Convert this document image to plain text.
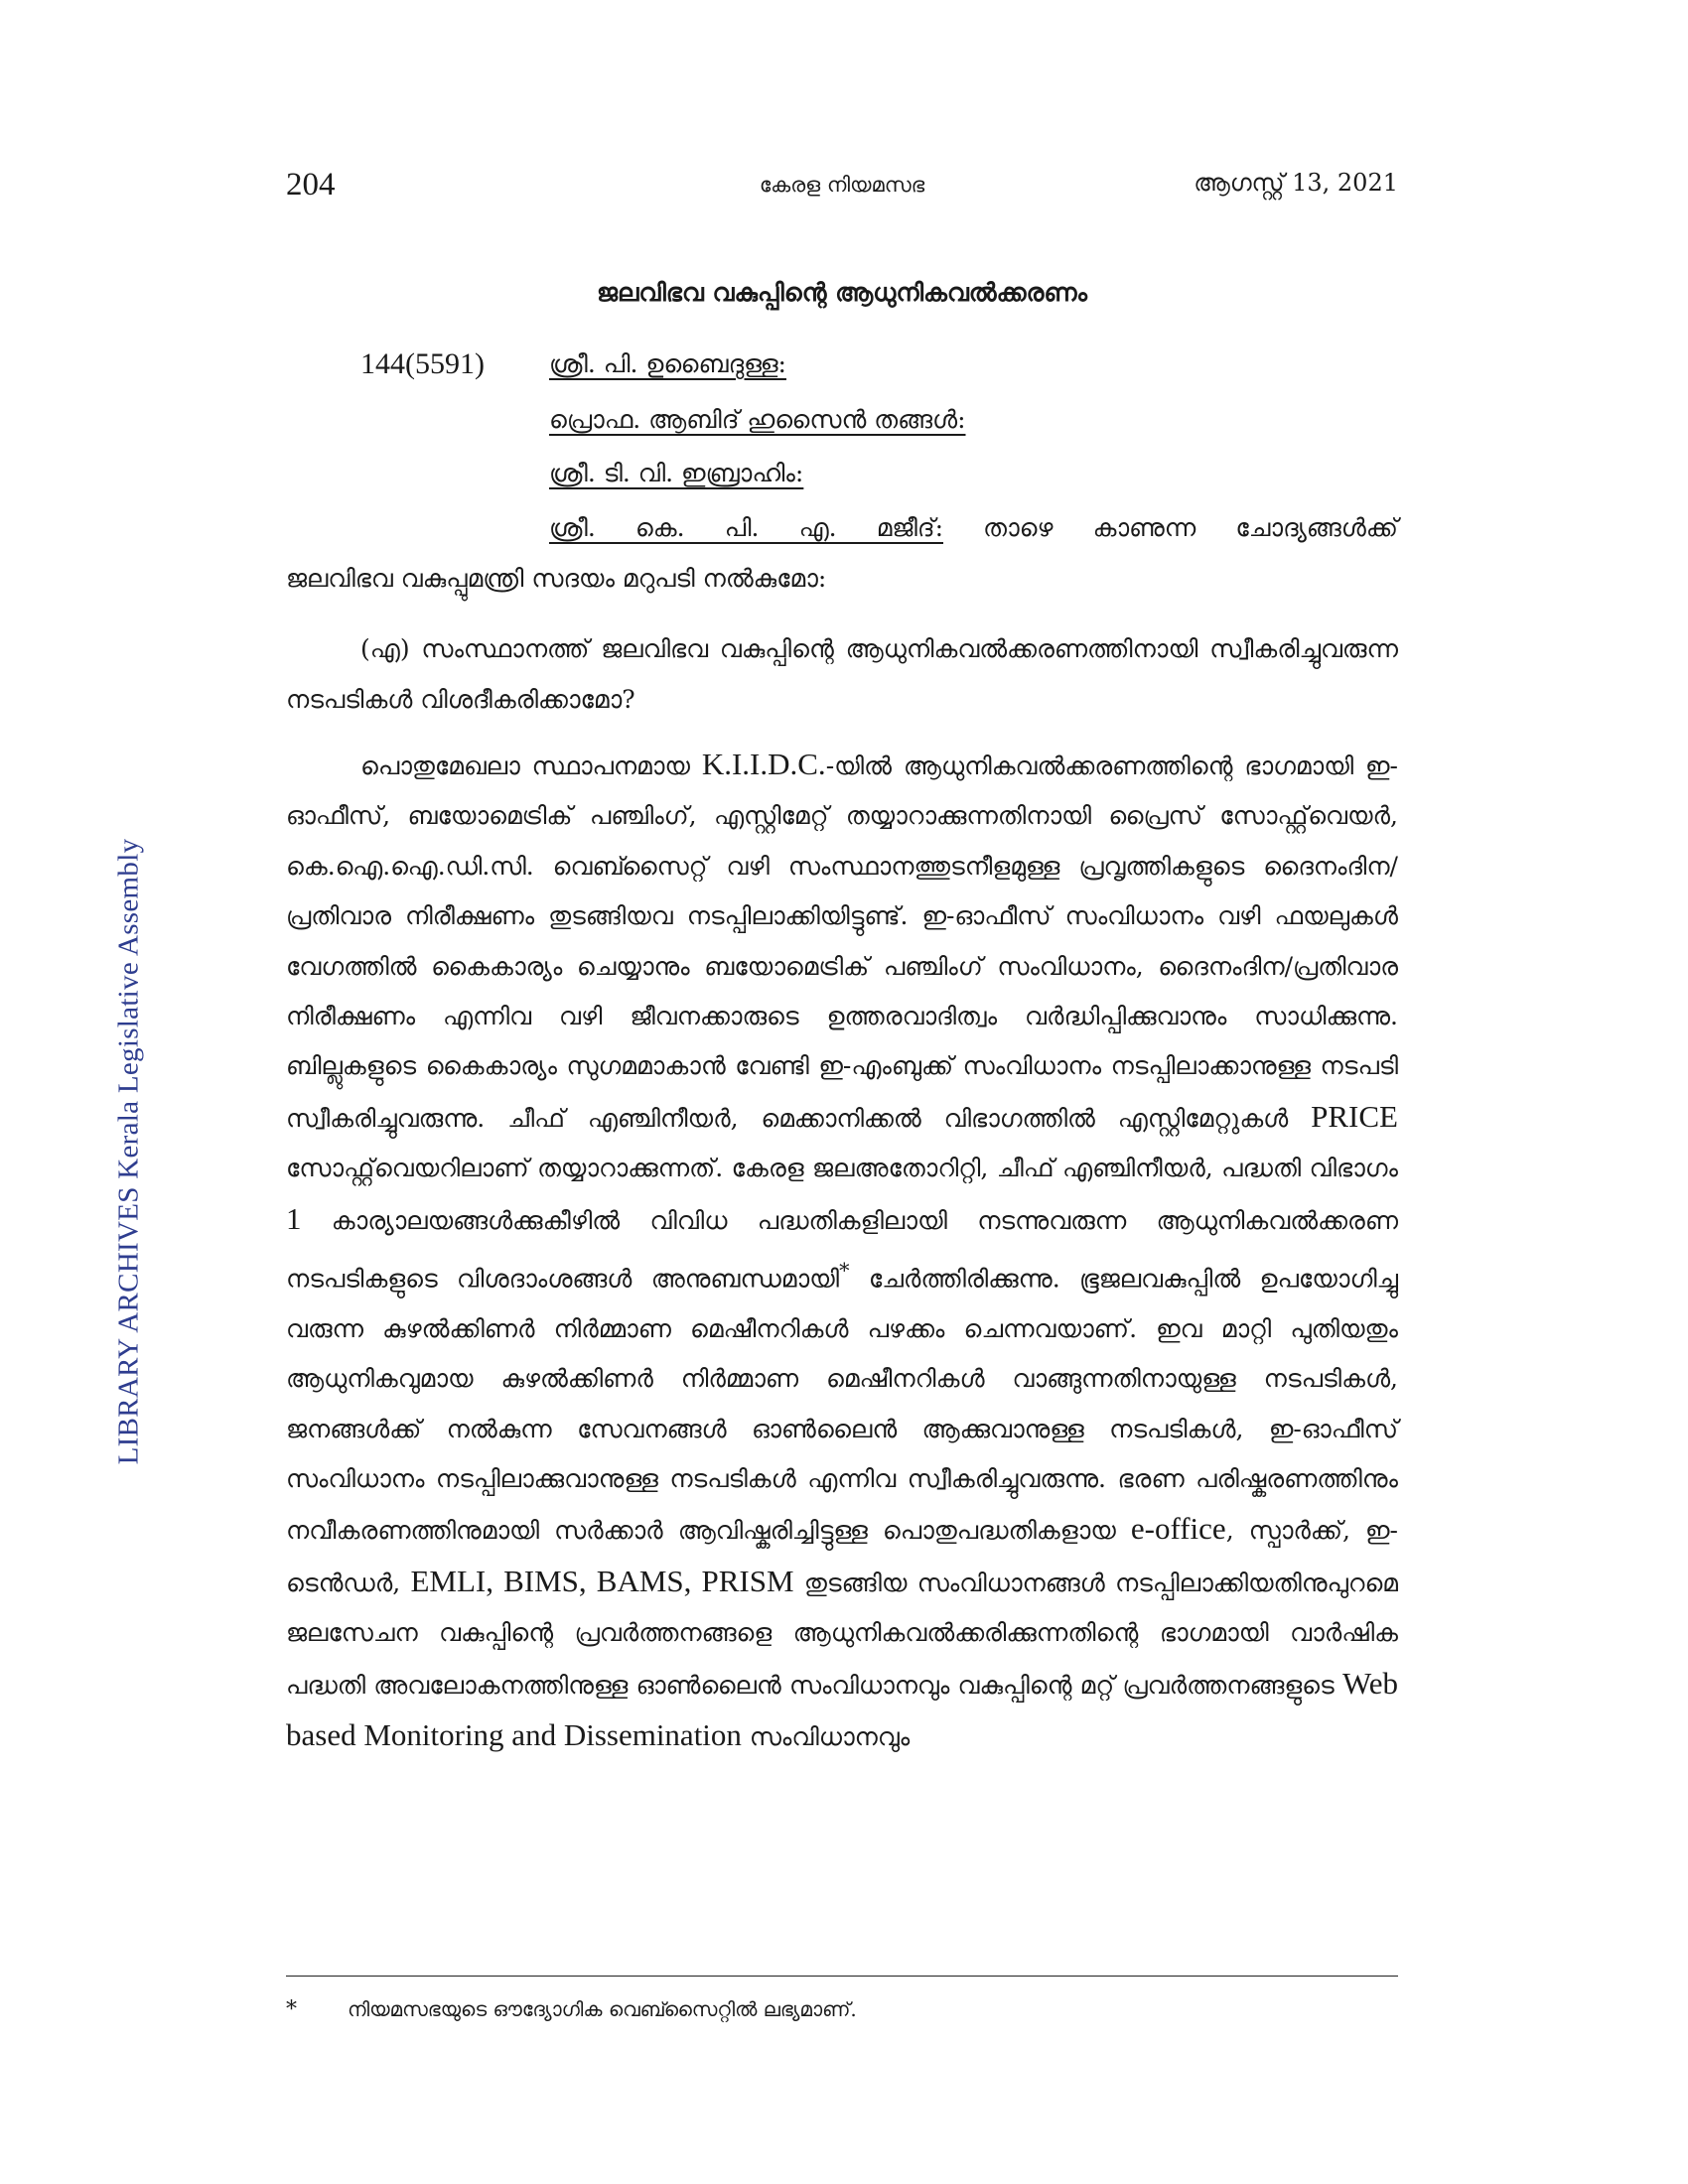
LIBRARY ARCHIVES Kerala Legislative Assembly
204	കേരള നിയമസഭ	ആഗസ്റ്റ് 13, 2021
ജലവിഭവ വകുപ്പിന്റെ ആധുനികവൽക്കരണം
144(5591)	ശ്രീ. പി. ഉബൈദുള്ള:
പ്രൊഫ. ആബിദ് ഹുസൈൻ തങ്ങൾ:
ശ്രീ. ടി. വി. ഇബ്രാഹിം:
ശ്രീ. കെ. പി. എ. മജീദ്: താഴെ കാണുന്ന ചോദ്യങ്ങൾക്ക്
ജലവിഭവ വകുപ്പുമന്ത്രി സദയം മറുപടി നൽകുമോ:
(എ) സംസ്ഥാനത്ത് ജലവിഭവ വകുപ്പിന്റെ ആധുനികവൽക്കരണത്തിനായി സ്വീകരിച്ചുവരുന്ന നടപടികൾ വിശദീകരിക്കാമോ?
പൊതുമേഖലാ സ്ഥാപനമായ K.I.I.D.C.-യിൽ ആധുനികവൽക്കരണത്തിന്റെ ഭാഗമായി ഇ-ഓഫീസ്, ബയോമെട്രിക് പഞ്ചിംഗ്, എസ്റ്റിമേറ്റ് തയ്യാറാക്കുന്നതിനായി പ്രൈസ് സോഫ്റ്റ്‌വെയർ, കെ.ഐ.ഐ.ഡി.സി. വെബ്സൈറ്റ് വഴി സംസ്ഥാനത്തുടനീളമുള്ള പ്രവൃത്തികളുടെ ദൈനംദിന/പ്രതിവാര നിരീക്ഷണം തുടങ്ങിയവ നടപ്പിലാക്കിയിട്ടുണ്ട്. ഇ-ഓഫീസ് സംവിധാനം വഴി ഫയലുകൾ വേഗത്തിൽ കൈകാര്യം ചെയ്യാനും ബയോമെട്രിക് പഞ്ചിംഗ് സംവിധാനം, ദൈനംദിന/പ്രതിവാര നിരീക്ഷണം എന്നിവ വഴി ജീവനക്കാരുടെ ഉത്തരവാദിത്വം വർദ്ധിപ്പിക്കുവാനും സാധിക്കുന്നു. ബില്ലുകളുടെ കൈകാര്യം സുഗമമാകാൻ വേണ്ടി ഇ-എംബുക്ക് സംവിധാനം നടപ്പിലാക്കാനുള്ള നടപടി സ്വീകരിച്ചുവരുന്നു. ചീഫ് എഞ്ചിനീയർ, മെക്കാനിക്കൽ വിഭാഗത്തിൽ എസ്റ്റിമേറ്റുകൾ PRICE സോഫ്റ്റ്‌വെയറിലാണ് തയ്യാറാക്കുന്നത്. കേരള ജലഅതോറിറ്റി, ചീഫ് എഞ്ചിനീയർ, പദ്ധതി വിഭാഗം 1 കാര്യാലയങ്ങൾക്കുകീഴിൽ വിവിധ പദ്ധതികളിലായി നടന്നുവരുന്ന ആധുനികവൽക്കരണ നടപടികളുടെ വിശദാംശങ്ങൾ അനുബന്ധമായി* ചേർത്തിരിക്കുന്നു. ഭൂജലവകുപ്പിൽ ഉപയോഗിച്ചു വരുന്ന കുഴൽക്കിണർ നിർമ്മാണ മെഷീനറികൾ പഴക്കം ചെന്നവയാണ്. ഇവ മാറ്റി പുതിയതും ആധുനികവുമായ കുഴൽക്കിണർ നിർമ്മാണ മെഷീനറികൾ വാങ്ങുന്നതിനായുള്ള നടപടികൾ, ജനങ്ങൾക്ക് നൽകുന്ന സേവനങ്ങൾ ഓൺലൈൻ ആക്കുവാനുള്ള നടപടികൾ, ഇ-ഓഫീസ് സംവിധാനം നടപ്പിലാക്കുവാനുള്ള നടപടികൾ എന്നിവ സ്വീകരിച്ചുവരുന്നു. ഭരണ പരിഷ്കരണത്തിനും നവീകരണത്തിനുമായി സർക്കാർ ആവിഷ്കരിച്ചിട്ടുള്ള പൊതുപദ്ധതികളായ e-office, സ്പാർക്ക്, ഇ-ടെൻഡർ, EMLI, BIMS, BAMS, PRISM തുടങ്ങിയ സംവിധാനങ്ങൾ നടപ്പിലാക്കിയതിനുപുറമെ ജലസേചന വകുപ്പിന്റെ പ്രവർത്തനങ്ങളെ ആധുനികവൽക്കരിക്കുന്നതിന്റെ ഭാഗമായി വാർഷിക പദ്ധതി അവലോകനത്തിനുള്ള ഓൺലൈൻ സംവിധാനവും വകുപ്പിന്റെ മറ്റ് പ്രവർത്തനങ്ങളുടെ Web based Monitoring and Dissemination സംവിധാനവും
*	നിയമസഭയുടെ ഔദ്യോഗിക വെബ്സൈറ്റിൽ ലഭ്യമാണ്.
